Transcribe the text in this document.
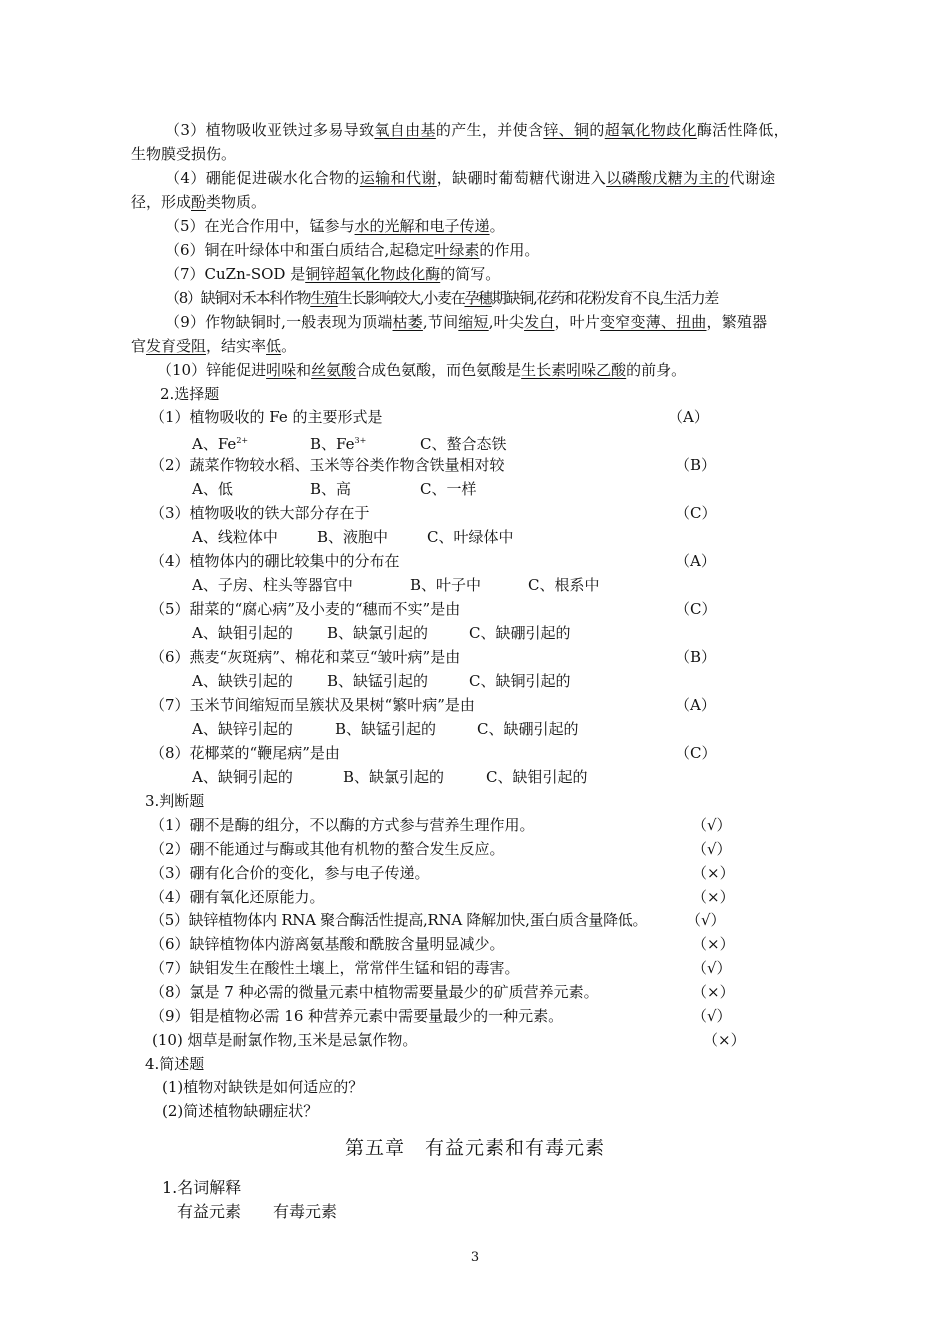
（3）植物吸收亚铁过多易导致氧自由基的产生，并使含锌、铜的超氧化物歧化酶活性降低，
生物膜受损伤。
（4）硼能促进碳水化合物的运输和代谢，缺硼时葡萄糖代谢进入以磷酸戊糖为主的代谢途
径，形成酚类物质。
（5）在光合作用中，锰参与水的光解和电子传递。
（6）铜在叶绿体中和蛋白质结合,起稳定叶绿素的作用。
（7）CuZn-SOD 是铜锌超氧化物歧化酶的简写。
（8）缺铜对禾本科作物生殖生长影响较大,小麦在孕穗期缺铜,花药和花粉发育不良,生活力差
（9）作物缺铜时,一般表现为顶端枯萎,节间缩短,叶尖发白，叶片变窄变薄、扭曲，繁殖器
官发育受阻，结实率低。
（10）锌能促进吲哚和丝氨酸合成色氨酸，而色氨酸是生长素吲哚乙酸的前身。
2.选择题
（1）植物吸收的 Fe 的主要形式是	（A）
A、$Fe^{2+}$	B、$Fe^{3+}$	C、螯合态铁
（2）蔬菜作物较水稻、玉米等谷类作物含铁量相对较	（B）
A、低	B、高	C、一样
（3）植物吸收的铁大部分存在于	（C）
A、线粒体中	B、液胞中	C、叶绿体中
（4）植物体内的硼比较集中的分布在	（A）
A、子房、柱头等器官中	B、叶子中	C、根系中
（5）甜菜的“腐心病”及小麦的“穗而不实”是由	（C）
A、缺钼引起的 B、缺氯引起的	C、缺硼引起的
（6）燕麦“灰斑病”、棉花和菜豆“皱叶病”是由	（B）
A、缺铁引起的 B、缺锰引起的	C、缺铜引起的
（7）玉米节间缩短而呈簇状及果树“繁叶病”是由	（A）
A、缺锌引起的	B、缺锰引起的	C、缺硼引起的
（8）花椰菜的“鞭尾病”是由	（C）
A、缺铜引起的	B、缺氯引起的	C、缺钼引起的
3.判断题
（1）硼不是酶的组分，不以酶的方式参与营养生理作用。	（√）
（2）硼不能通过与酶或其他有机物的螯合发生反应。	（√）
（3）硼有化合价的变化，参与电子传递。	（×）
（4）硼有氧化还原能力。	（×）
（5）缺锌植物体内 RNA 聚合酶活性提高,RNA 降解加快,蛋白质含量降低。	（√）
（6）缺锌植物体内游离氨基酸和酰胺含量明显减少。	（×）
（7）缺钼发生在酸性土壤上，常常伴生锰和铝的毒害。	（√）
（8）氯是 7 种必需的微量元素中植物需要量最少的矿质营养元素。	（×）
（9）钼是植物必需 16 种营养元素中需要量最少的一种元素。	（√）
(10) 烟草是耐氯作物,玉米是忌氯作物。	（×）
4.简述题
(1)植物对缺铁是如何适应的？
(2)简述植物缺硼症状？
第五章　有益元素和有毒元素
1.名词解释
有益元素　　有毒元素
3
